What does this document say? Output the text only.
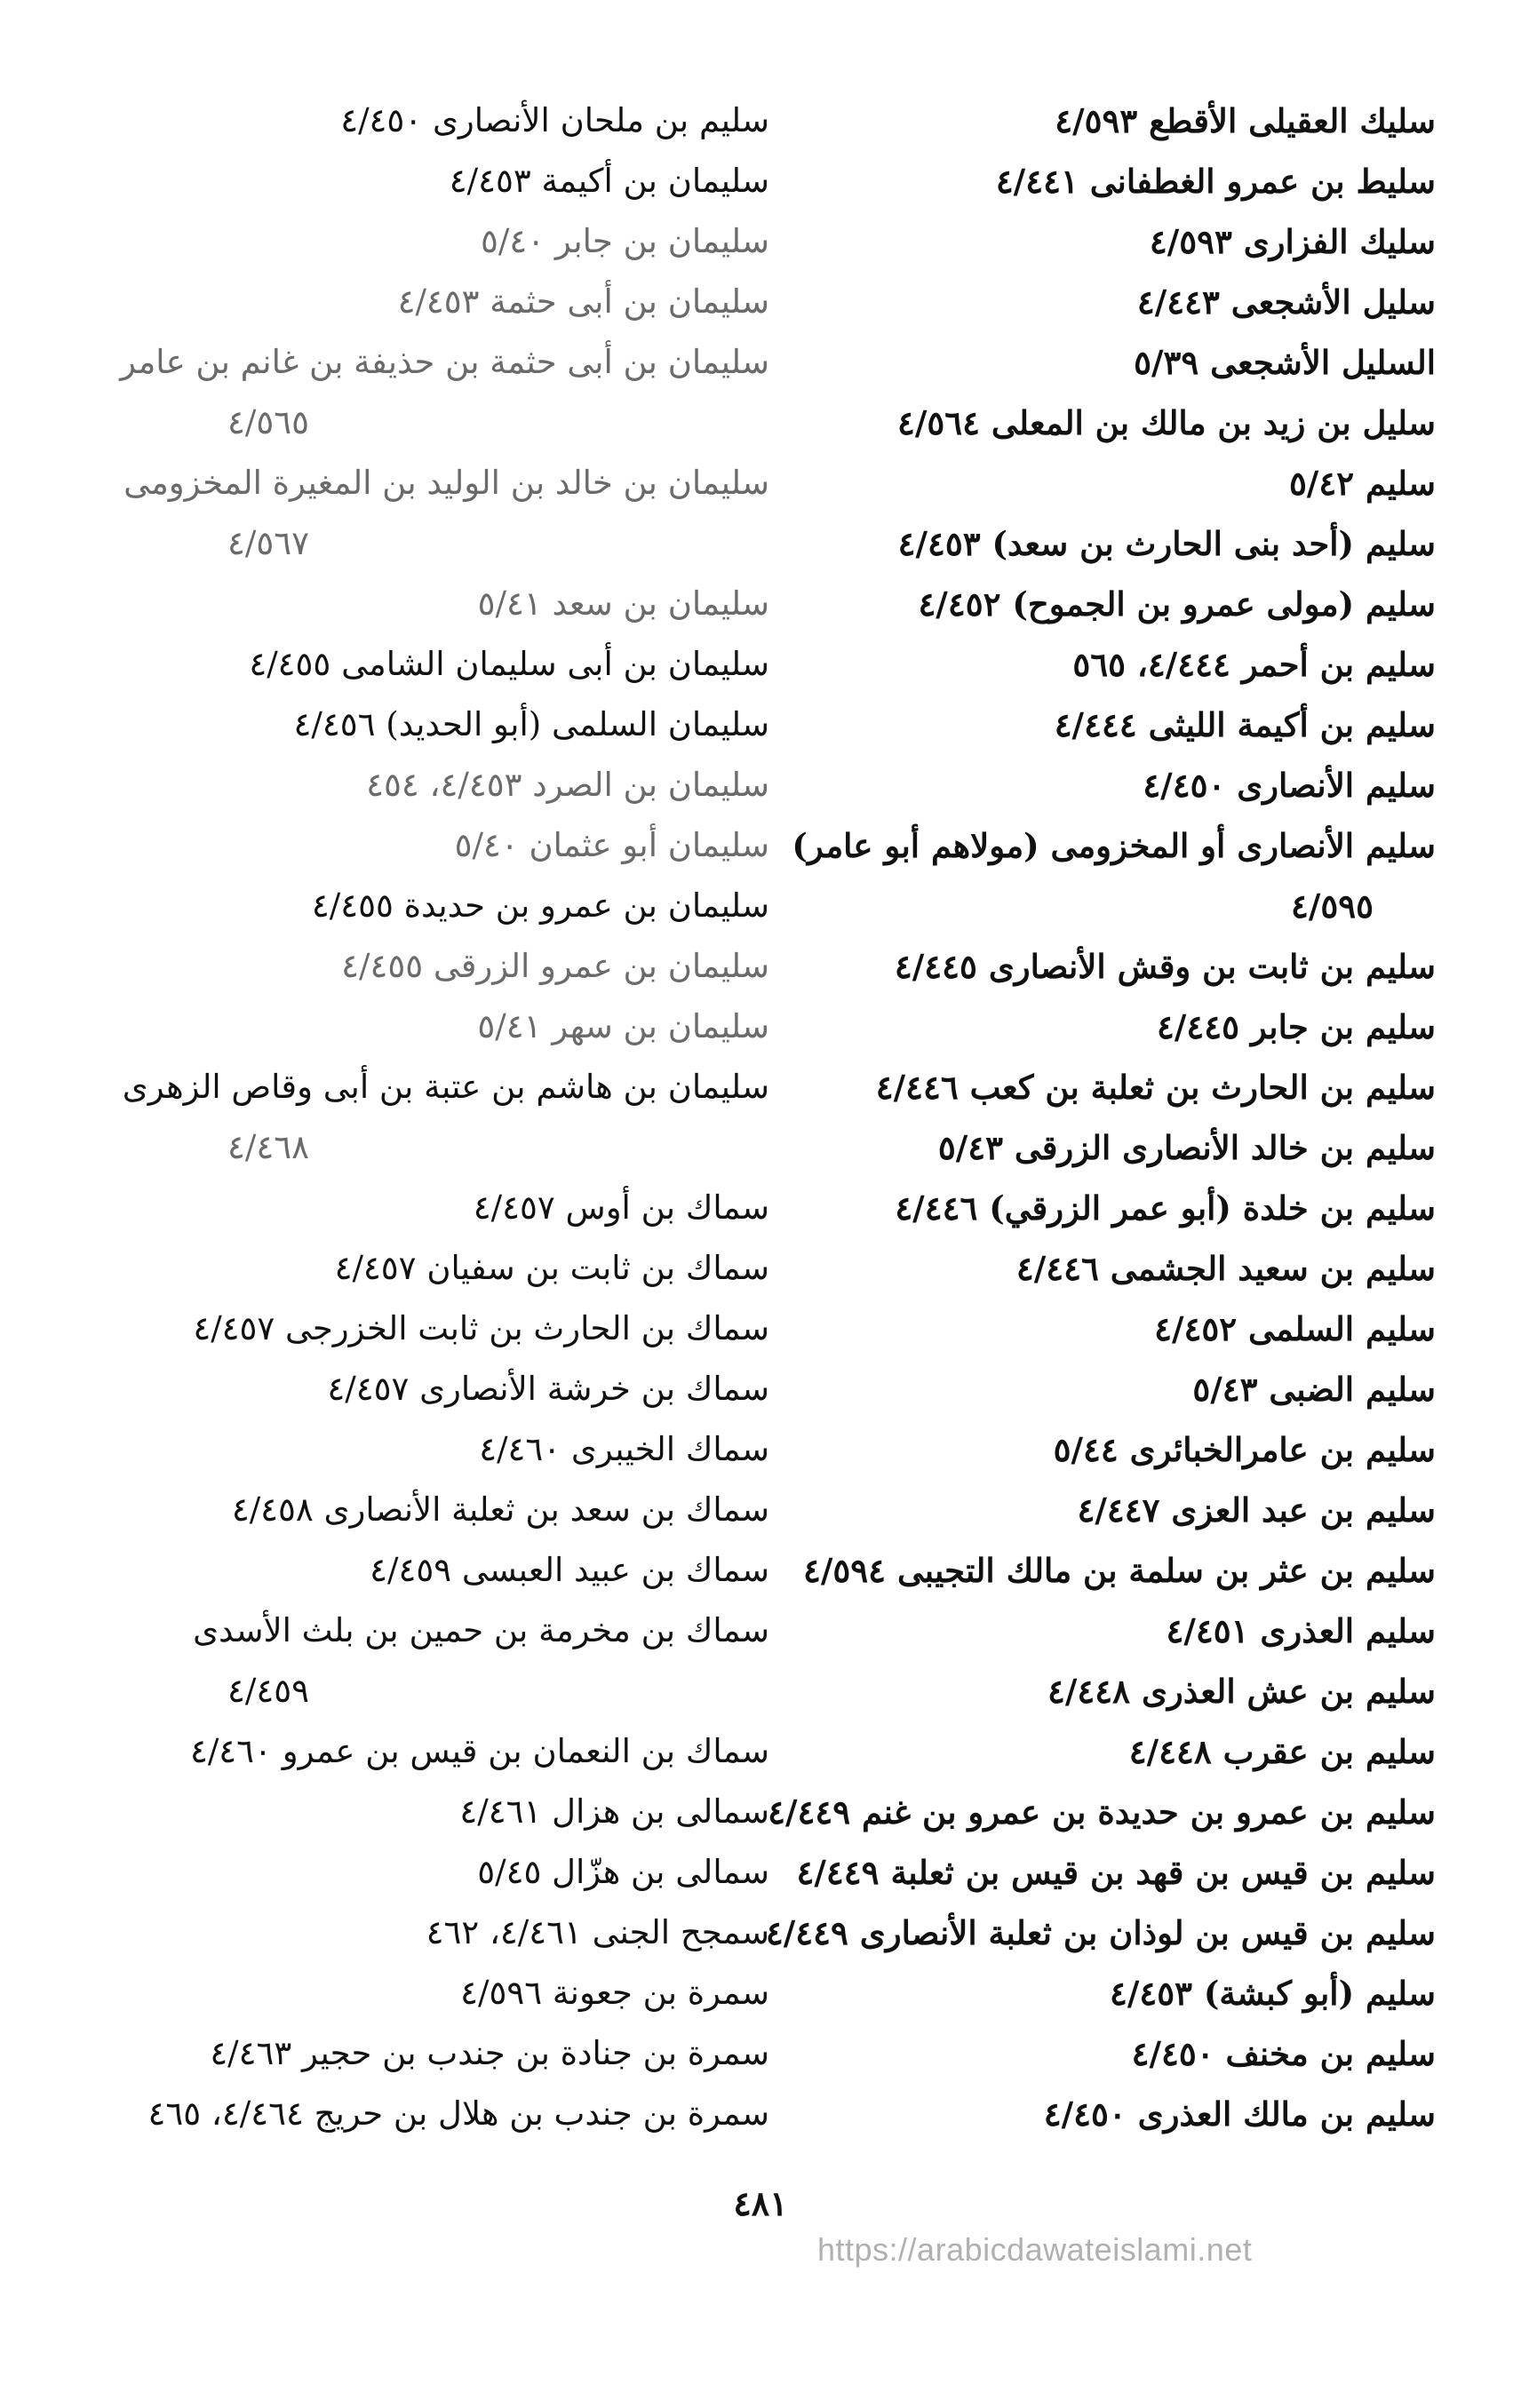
سليك العقيلى الأقطع ٤/٥٩٣
سليط بن عمرو الغطفانى ٤/٤٤١
سليك الفزارى ٤/٥٩٣
سليل الأشجعى ٤/٤٤٣
السليل الأشجعى ٥/٣٩
سليل بن زيد بن مالك بن المعلى ٤/٥٦٤
سليم ٥/٤٢
سليم (أحد بنى الحارث بن سعد) ٤/٤٥٣
سليم (مولى عمرو بن الجموح) ٤/٤٥٢
سليم بن أحمر ٤/٤٤٤، ٥٦٥
سليم بن أكيمة الليثى ٤/٤٤٤
سليم الأنصارى ٤/٤٥٠
سليم الأنصارى أو المخزومى (مولاهم أبو عامر)
٤/٥٩٥
سليم بن ثابت بن وقش الأنصارى ٤/٤٤٥
سليم بن جابر ٤/٤٤٥
سليم بن الحارث بن ثعلبة بن كعب ٤/٤٤٦
سليم بن خالد الأنصارى الزرقى ٥/٤٣
سليم بن خلدة (أبو عمر الزرقي) ٤/٤٤٦
سليم بن سعيد الجشمى ٤/٤٤٦
سليم السلمى ٤/٤٥٢
سليم الضبى ٥/٤٣
سليم بن عامرالخبائرى ٥/٤٤
سليم بن عبد العزى ٤/٤٤٧
سليم بن عثر بن سلمة بن مالك التجيبى ٤/٥٩٤
سليم العذرى ٤/٤٥١
سليم بن عش العذرى ٤/٤٤٨
سليم بن عقرب ٤/٤٤٨
سليم بن عمرو بن حديدة بن عمرو بن غنم ٤/٤٤٩
سليم بن قيس بن قهد بن قيس بن ثعلبة ٤/٤٤٩
سليم بن قيس بن لوذان بن ثعلبة الأنصارى ٤/٤٤٩
سليم (أبو كبشة) ٤/٤٥٣
سليم بن مخنف ٤/٤٥٠
سليم بن مالك العذرى ٤/٤٥٠
سليم بن ملحان الأنصارى ٤/٤٥٠
سليمان بن أكيمة ٤/٤٥٣
سليمان بن جابر ٥/٤٠
سليمان بن أبى حثمة ٤/٤٥٣
سليمان بن أبى حثمة بن حذيفة بن غانم بن عامر
٤/٥٦٥
سليمان بن خالد بن الوليد بن المغيرة المخزومى
٤/٥٦٧
سليمان بن سعد ٥/٤١
سليمان بن أبى سليمان الشامى ٤/٤٥٥
سليمان السلمى (أبو الحديد) ٤/٤٥٦
سليمان بن الصرد ٤/٤٥٣، ٤٥٤
سليمان أبو عثمان ٥/٤٠
سليمان بن عمرو بن حديدة ٤/٤٥٥
سليمان بن عمرو الزرقى ٤/٤٥٥
سليمان بن سهر ٥/٤١
سليمان بن هاشم بن عتبة بن أبى وقاص الزهرى
٤/٤٦٨
سماك بن أوس ٤/٤٥٧
سماك بن ثابت بن سفيان ٤/٤٥٧
سماك بن الحارث بن ثابت الخزرجى ٤/٤٥٧
سماك بن خرشة الأنصارى ٤/٤٥٧
سماك الخيبرى ٤/٤٦٠
سماك بن سعد بن ثعلبة الأنصارى ٤/٤٥٨
سماك بن عبيد العبسى ٤/٤٥٩
سماك بن مخرمة بن حمين بن بلث الأسدى
٤/٤٥٩
سماك بن النعمان بن قيس بن عمرو ٤/٤٦٠
سمالى بن هزال ٤/٤٦١
سمالى بن هزّال ٥/٤٥
سمجح الجنى ٤/٤٦١، ٤٦٢
سمرة بن جعونة ٤/٥٩٦
سمرة بن جنادة بن جندب بن حجير ٤/٤٦٣
سمرة بن جندب بن هلال بن حريج ٤/٤٦٤، ٤٦٥
٤٨١
https://arabicdawateislami.net
